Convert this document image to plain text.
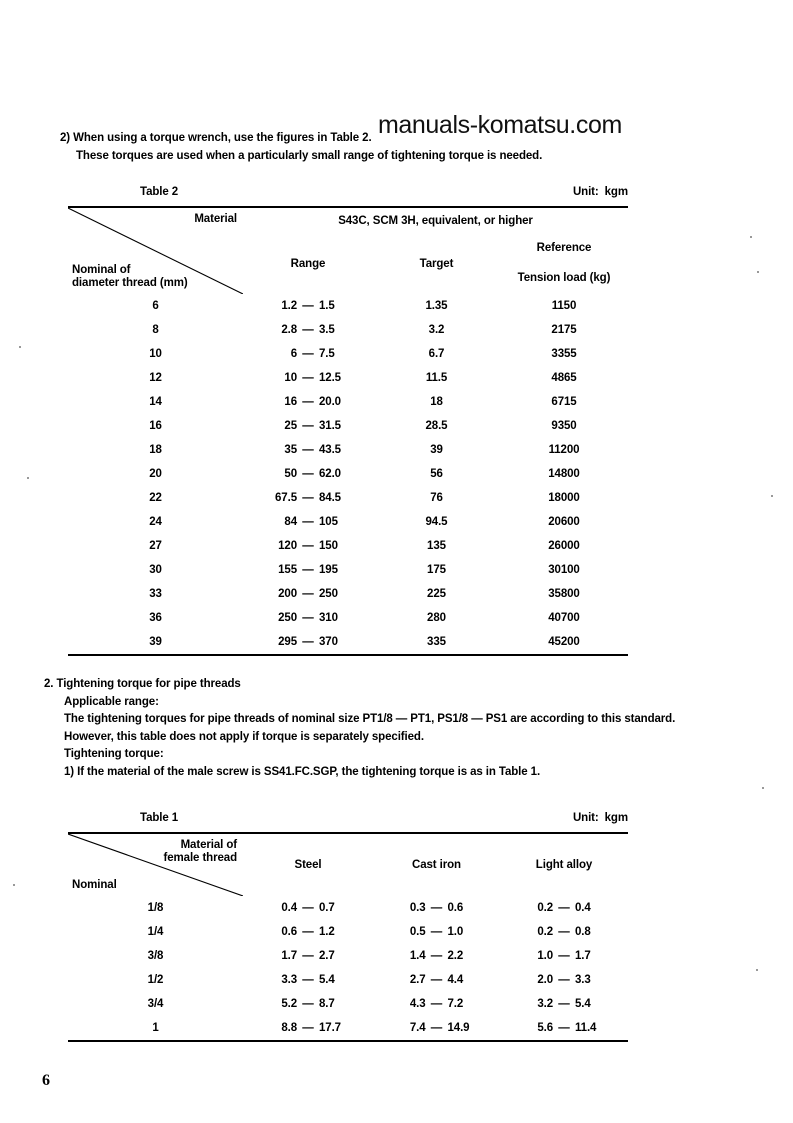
manuals-komatsu.com
2) When using a torque wrench, use the figures in Table 2.
These torques are used when a particularly small range of tightening torque is needed.
Table 2	Unit: kgm
Material
Nominal of
diameter thread (mm)	S43C, SCM 3H, equivalent, or higher		
	Range	Target	Reference
			Tension load (kg)
6	1.2 — 1.5	1.35	1150
8	2.8 — 3.5	3.2	2175
10	6 — 7.5	6.7	3355
12	10 — 12.5	11.5	4865
14	16 — 20.0	18	6715
16	25 — 31.5	28.5	9350
18	35 — 43.5	39	11200
20	50 — 62.0	56	14800
22	67.5 — 84.5	76	18000
24	84 — 105	94.5	20600
27	120 — 150	135	26000
30	155 — 195	175	30100
33	200 — 250	225	35800
36	250 — 310	280	40700
39	295 — 370	335	45200
2. Tightening torque for pipe threads
Applicable range:
The tightening torques for pipe threads of nominal size PT1/8 — PT1, PS1/8 — PS1 are according to this standard.
However, this table does not apply if torque is separately specified.
Tightening torque:
1) If the material of the male screw is SS41.FC.SGP, the tightening torque is as in Table 1.
Table 1	Unit: kgm
Material of
female thread
Nominal	Steel	Cast iron	Light alloy
1/8	0.4 — 0.7	0.3 — 0.6	0.2 — 0.4

1/4	0.6 — 1.2	0.5 — 1.0	0.2 — 0.8

3/8	1.7 — 2.7	1.4 — 2.2	1.0 — 1.7

1/2	3.3 — 5.4	2.7 — 4.4	2.0 — 3.3

3/4	5.2 — 8.7	4.3 — 7.2	3.2 — 5.4

1	8.8 — 17.7	7.4 — 14.9	5.6 — 11.4
6
